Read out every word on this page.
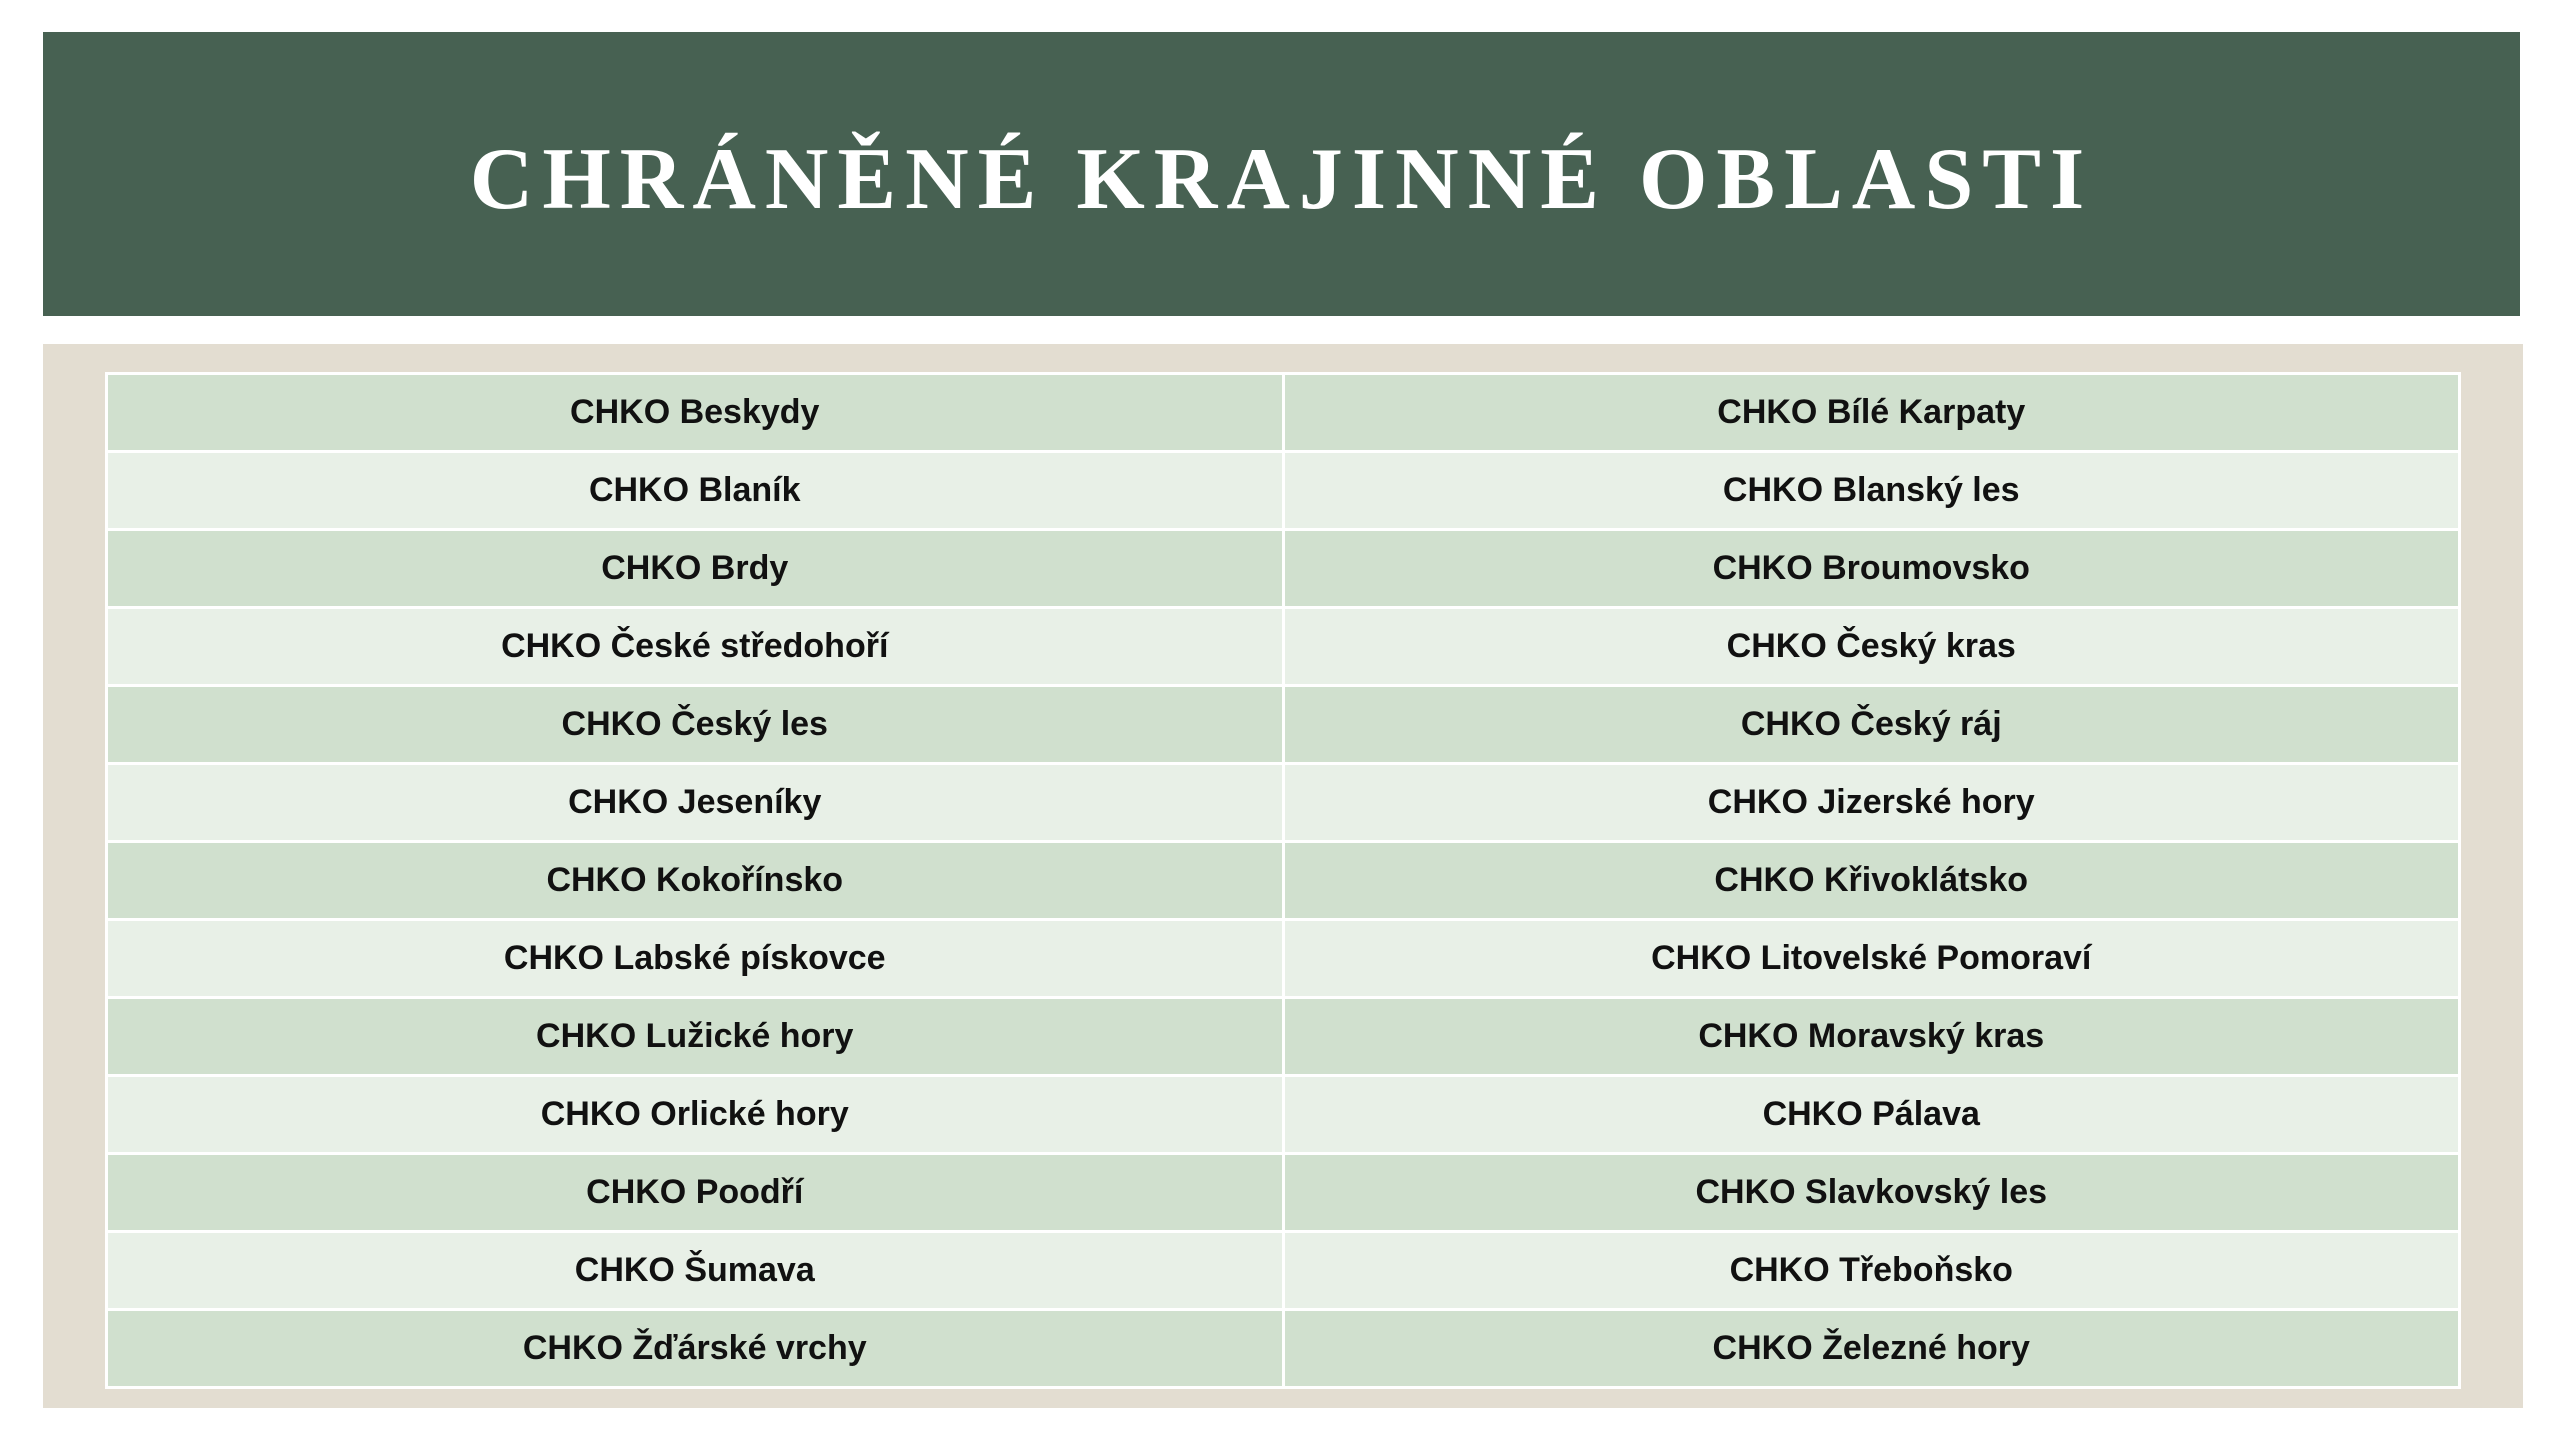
CHRÁNĚNÉ KRAJINNÉ OBLASTI
CHKO Beskydy	CHKO Bílé Karpaty
CHKO Blaník	CHKO Blanský les
CHKO Brdy	CHKO Broumovsko
CHKO České středohoří	CHKO Český kras
CHKO Český les	CHKO Český ráj
CHKO Jeseníky	CHKO Jizerské hory
CHKO Kokořínsko	CHKO Křivoklátsko
CHKO Labské pískovce	CHKO Litovelské Pomoraví
CHKO Lužické hory	CHKO Moravský kras
CHKO Orlické hory	CHKO Pálava
CHKO Poodří	CHKO Slavkovský les
CHKO Šumava	CHKO Třeboňsko
CHKO Žďárské vrchy	CHKO Železné hory
